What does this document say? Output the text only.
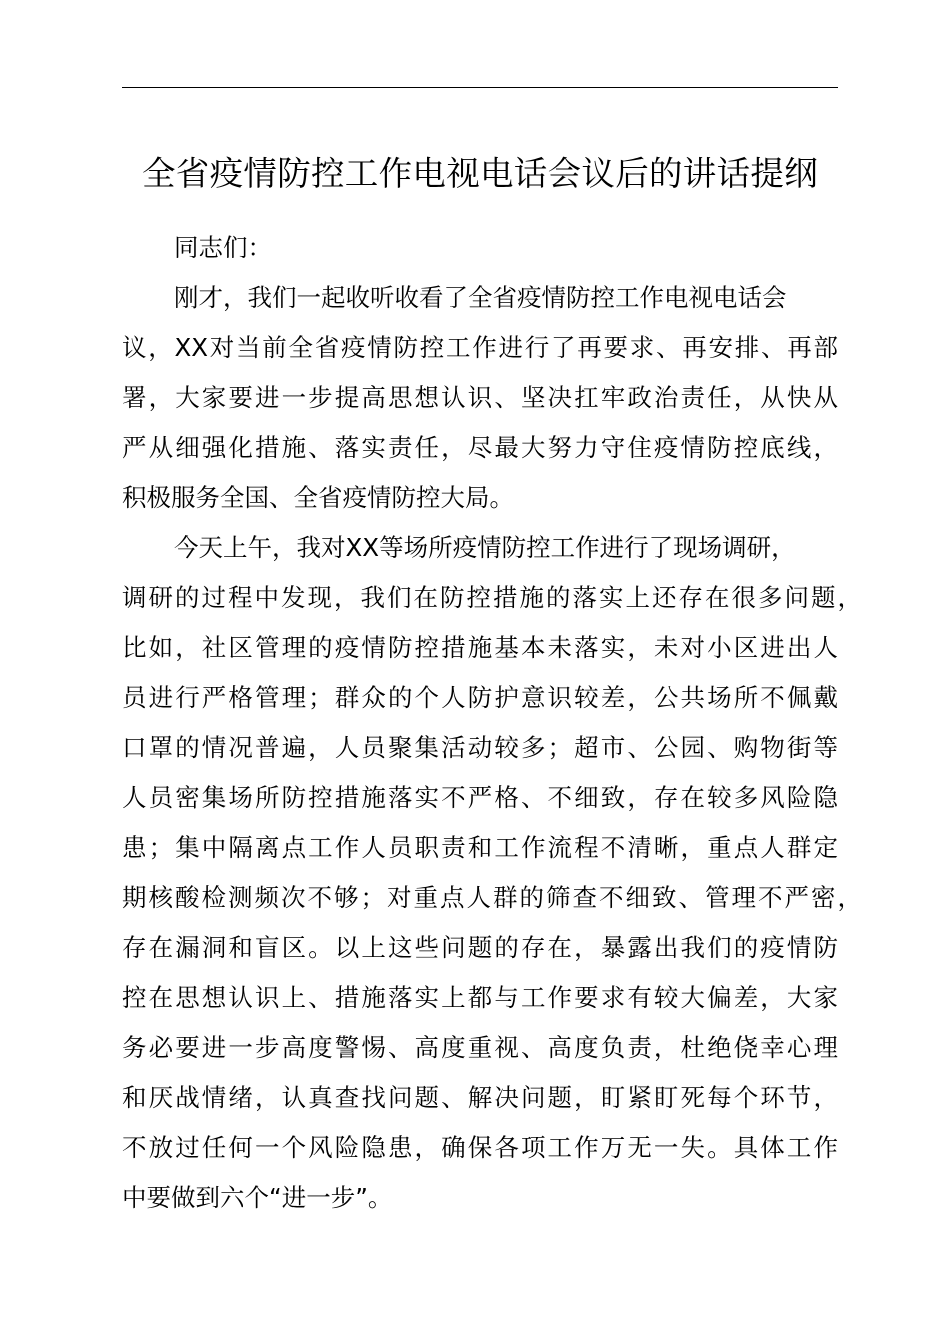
全省疫情防控工作电视电话会议后的讲话提纲
同志们：
刚才，我们一起收听收看了全省疫情防控工作电视电话会
议，XX对当前全省疫情防控工作进行了再要求、再安排、再部
署，大家要进一步提高思想认识、坚决扛牢政治责任，从快从
严从细强化措施、落实责任，尽最大努力守住疫情防控底线，
积极服务全国、全省疫情防控大局。
今天上午，我对XX等场所疫情防控工作进行了现场调研，
调研的过程中发现，我们在防控措施的落实上还存在很多问题，
比如，社区管理的疫情防控措施基本未落实，未对小区进出人
员进行严格管理；群众的个人防护意识较差，公共场所不佩戴
口罩的情况普遍，人员聚集活动较多；超市、公园、购物街等
人员密集场所防控措施落实不严格、不细致，存在较多风险隐
患；集中隔离点工作人员职责和工作流程不清晰，重点人群定
期核酸检测频次不够；对重点人群的筛查不细致、管理不严密，
存在漏洞和盲区。以上这些问题的存在，暴露出我们的疫情防
控在思想认识上、措施落实上都与工作要求有较大偏差，大家
务必要进一步高度警惕、高度重视、高度负责，杜绝侥幸心理
和厌战情绪，认真查找问题、解决问题，盯紧盯死每个环节，
不放过任何一个风险隐患，确保各项工作万无一失。具体工作
中要做到六个“进一步”。
